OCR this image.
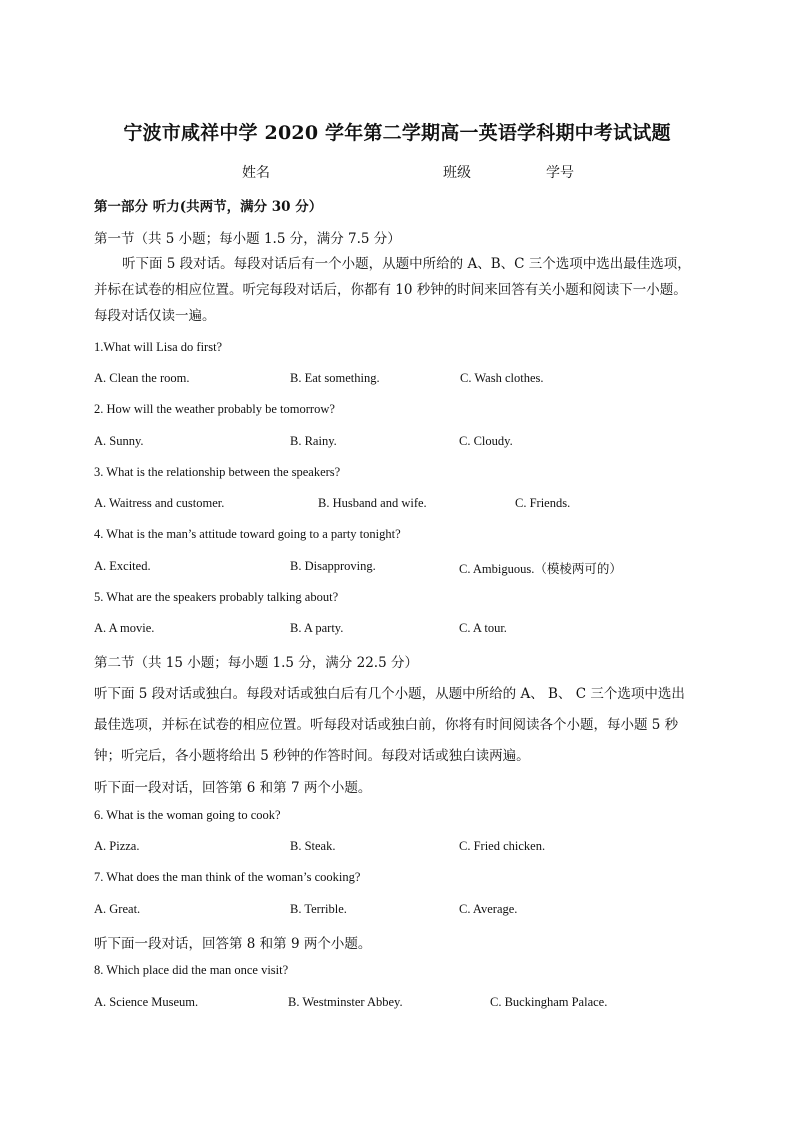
宁波市咸祥中学 2020 学年第二学期高一英语学科期中考试试题
姓名	班级	学号
第一部分 听力(共两节，满分 30 分）
第一节（共 5 小题；每小题 1.5 分，满分 7.5 分）
听下面 5 段对话。每段对话后有一个小题，从题中所给的 A、B、C 三个选项中选出最佳选项，
并标在试卷的相应位置。听完每段对话后，你都有 10 秒钟的时间来回答有关小题和阅读下一小题。
每段对话仅读一遍。
1.What will Lisa do first?
A. Clean the room.	B. Eat something.	C. Wash clothes.
2. How will the weather probably be tomorrow?
A. Sunny.	B. Rainy.	C. Cloudy.
3. What is the relationship between the speakers?
A. Waitress and customer.	B. Husband and wife.	C. Friends.
4. What is the man’s attitude toward going to a party tonight?
A. Excited.	B. Disapproving.	C. Ambiguous.（模棱两可的）
5. What are the speakers probably talking about?
A. A movie.	B. A party.	C. A tour.
第二节（共 15 小题；每小题 1.5 分，满分 22.5 分）
听下面 5 段对话或独白。每段对话或独白后有几个小题，从题中所给的 A、 B、 C 三个选项中选出
最佳选项，并标在试卷的相应位置。听每段对话或独白前，你将有时间阅读各个小题，每小题 5 秒
钟；听完后，各小题将给出 5 秒钟的作答时间。每段对话或独白读两遍。
听下面一段对话，回答第 6 和第 7 两个小题。
6. What is the woman going to cook?
A. Pizza.	B. Steak.	C. Fried chicken.
7. What does the man think of the woman’s cooking?
A. Great.	B. Terrible.	C. Average.
听下面一段对话，回答第 8 和第 9 两个小题。
8. Which place did the man once visit?
A. Science Museum.	B. Westminster Abbey.	C. Buckingham Palace.
